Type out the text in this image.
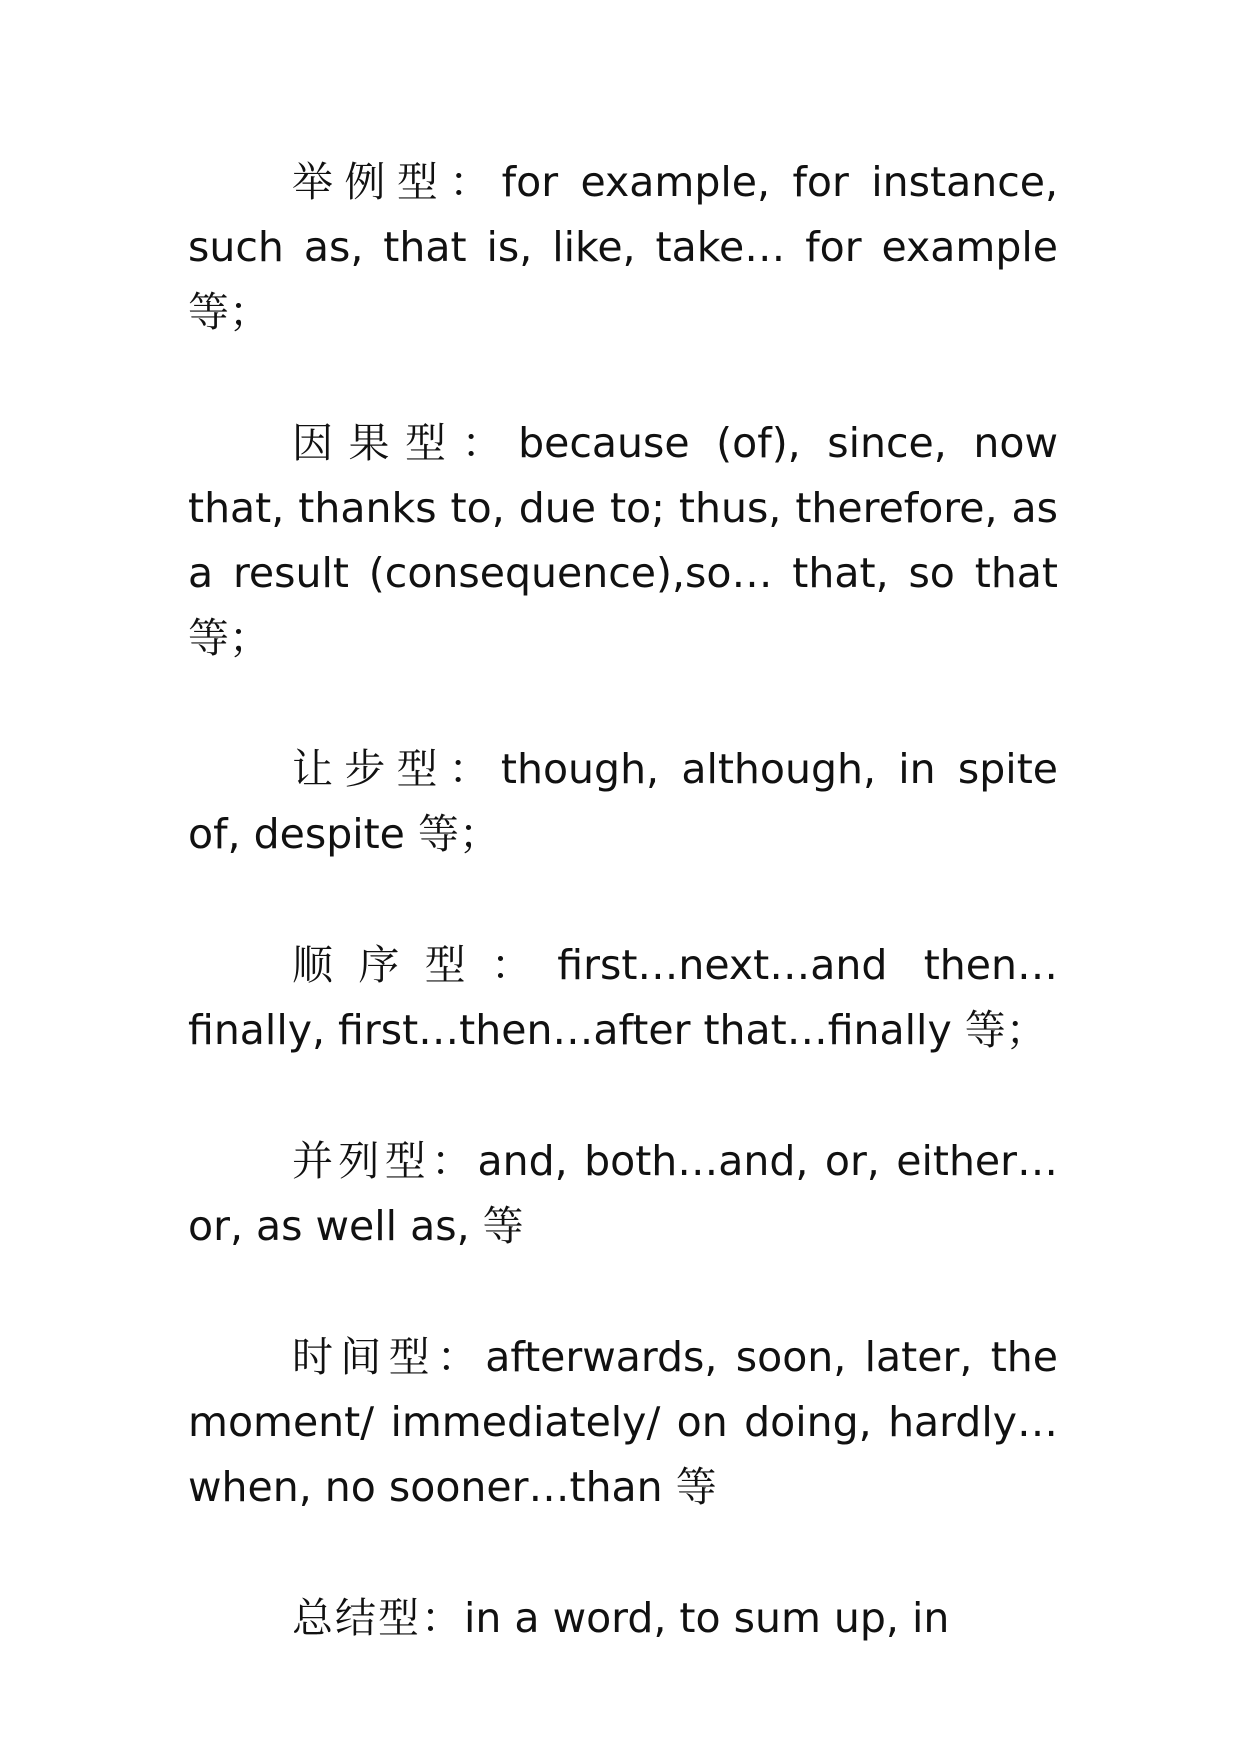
举例型：for example, for instance, such as, that is, like, take… for example 等；

因果型：because (of), since, now that, thanks to, due to; thus, therefore, as a result (consequence),so… that, so that 等；

让步型：though, although, in spite of, despite 等；

顺序型：first…next…and then…finally, first…then…after that…finally 等；

并列型：and, both…and, or, either…or, as well as, 等

时间型：afterwards, soon, later, the moment/ immediately/ on doing, hardly…when, no sooner…than 等

总结型：in a word, to sum up, in
